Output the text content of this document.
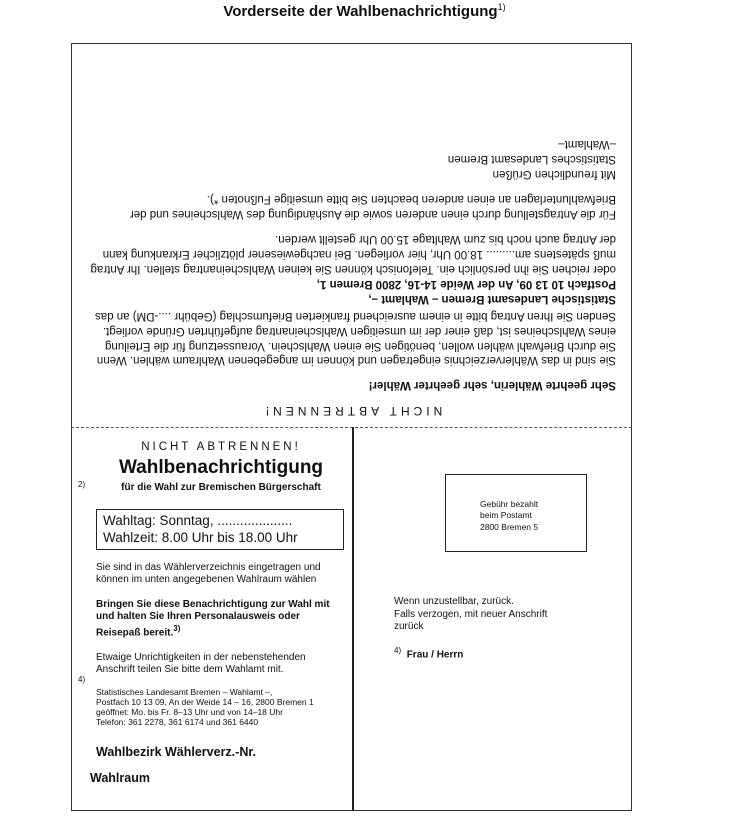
Vorderseite der Wahlbenachrichtigung$^{1)}$
NICHT ABTRENNEN!

Sehr geehrte Wählerin, sehr geehrter Wähler!

Sie sind in das Wählerverzeichnis eingetragen und können im angegebenen Wahlraum wählen. Wenn Sie durch Briefwahl wählen wollen, benötigen Sie einen Wahlschein. Voraussetzung für die Erteilung eines Wahlscheines ist, daß einer der im umseitigen Wahlscheinantrag aufgeführten Gründe vorliegt. Senden Sie Ihren Antrag bitte in einem ausreichend frankierten Briefumschlag (Gebühr ....-DM) an das

Statistische Landesamt Bremen – Wahlamt –,
Postfach 10 13 09, An der Weide 14-16, 2800 Bremen 1,

oder reichen Sie ihn persönlich ein. Telefonisch können Sie keinen Wahlscheinantrag stellen. Ihr Antrag muß spätestens am......... 18.00 Uhr, hier vorliegen. Bei nachgewiesener plötzlicher Erkrankung kann der Antrag auch noch bis zum Wahltage 15.00 Uhr gestellt werden.

Für die Antragstellung durch einen anderen sowie die Aushändigung des Wahlscheines und der Briefwahlunterlagen an einen anderen beachten Sie bitte umseitige Fußnoten *).

Mit freundlichen Grüßen
Statistisches Landesamt Bremen
–Wahlamt–
2)
4)
NICHT ABTRENNEN!
Wahlbenachrichtigung
für die Wahl zur Bremischen Bürgerschaft
Wahltag: Sonntag, ....................
Wahlzeit: 8.00 Uhr bis 18.00 Uhr
Sie sind in das Wählerverzeichnis eingetragen und können im unten angegebenen Wahlraum wählen
Bringen Sie diese Benachrichtigung zur Wahl mit und halten Sie Ihren Personalausweis oder Reisepaß bereit.$^{3)}$
Etwaige Unrichtigkeiten in der nebenstehenden Anschrift teilen Sie bitte dem Wahlamt mit.
Statistisches Landesamt Bremen – Wahlamt –,
Postfach 10 13 09, An der Weide 14 – 16, 2800 Bremen 1
geöffnet: Mo. bis Fr. 8–13 Uhr und von 14–18 Uhr
Telefon: 361 2278, 361 6174 und 361 6440
Wahlbezirk Wählerverz.-Nr.
Wahlraum
Gebühr bezahlt
beim Postamt
2800 Bremen 5
Wenn unzustellbar, zurück.
Falls verzogen, mit neuer Anschrift
zurück
$^{4)}$ Frau / Herrn
